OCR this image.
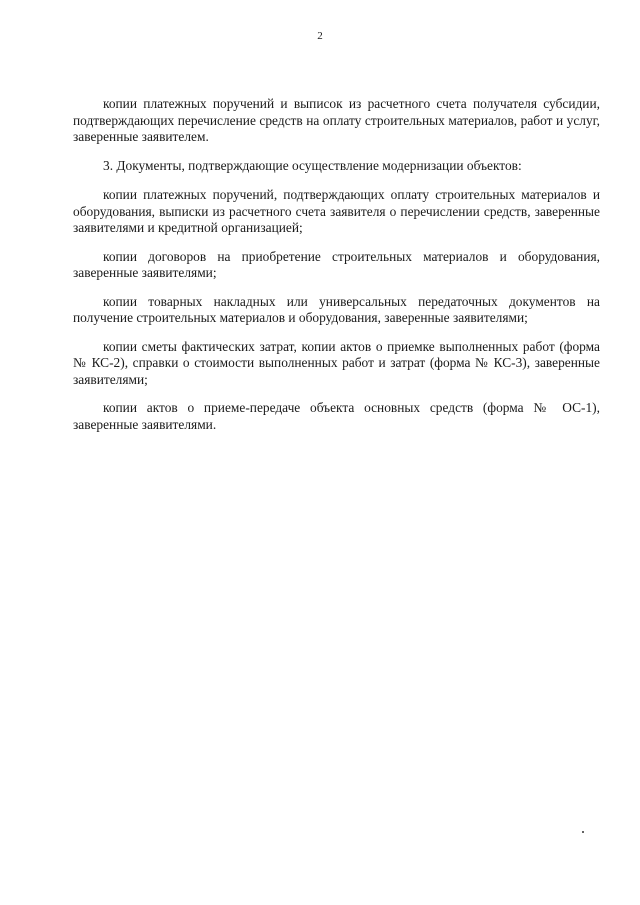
2

копии платежных поручений и выписок из расчетного счета получателя субсидии, подтверждающих перечисление средств на оплату строительных материалов, работ и услуг, заверенные заявителем.

3. Документы, подтверждающие осуществление модернизации объектов:

копии платежных поручений, подтверждающих оплату строительных материалов и оборудования, выписки из расчетного счета заявителя о перечислении средств, заверенные заявителями и кредитной организацией;

копии договоров на приобретение строительных материалов и оборудования, заверенные заявителями;

копии товарных накладных или универсальных передаточных документов на получение строительных материалов и оборудования, заверенные заявителями;

копии сметы фактических затрат, копии актов о приемке выполненных работ (форма № КС-2), справки о стоимости выполненных работ и затрат (форма № КС-3), заверенные заявителями;

копии актов о приеме-передаче объекта основных средств (форма № ОС-1), заверенные заявителями.
